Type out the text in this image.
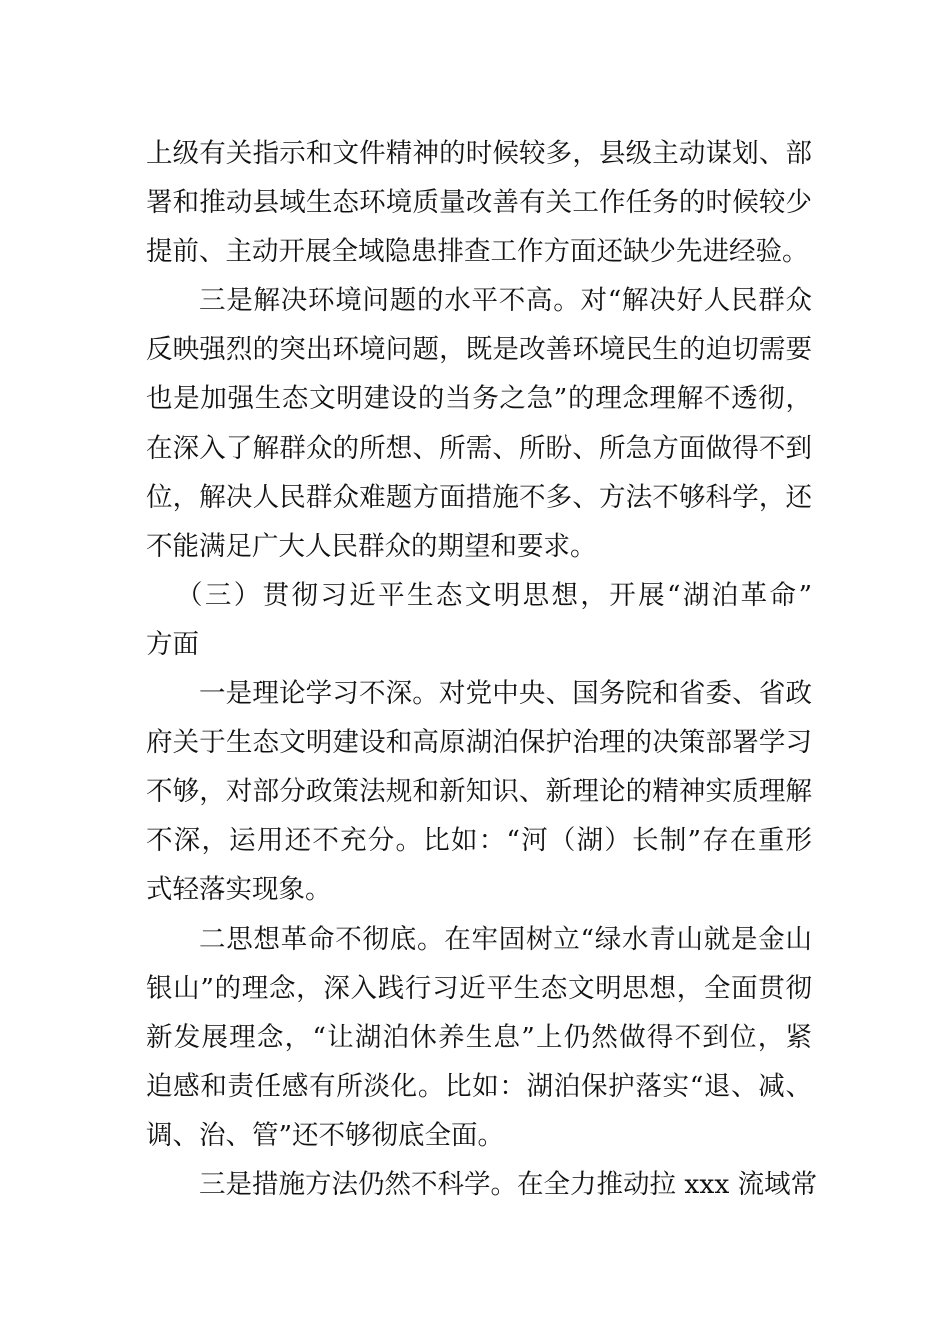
上级有关指示和文件精神的时候较多，县级主动谋划、部
署和推动县域生态环境质量改善有关工作任务的时候较少
提前、主动开展全域隐患排查工作方面还缺少先进经验。
三是解决环境问题的水平不高。对“解决好人民群众
反映强烈的突出环境问题，既是改善环境民生的迫切需要
也是加强生态文明建设的当务之急”的理念理解不透彻，
在深入了解群众的所想、所需、所盼、所急方面做得不到
位，解决人民群众难题方面措施不多、方法不够科学，还
不能满足广大人民群众的期望和要求。
（三）贯彻习近平生态文明思想，开展“湖泊革命”
方面
一是理论学习不深。对党中央、国务院和省委、省政
府关于生态文明建设和高原湖泊保护治理的决策部署学习
不够，对部分政策法规和新知识、新理论的精神实质理解
不深，运用还不充分。比如：“河（湖）长制”存在重形
式轻落实现象。
二思想革命不彻底。在牢固树立“绿水青山就是金山
银山”的理念，深入践行习近平生态文明思想，全面贯彻
新发展理念，“让湖泊休养生息”上仍然做得不到位，紧
迫感和责任感有所淡化。比如：湖泊保护落实“退、减、
调、治、管”还不够彻底全面。
三是措施方法仍然不科学。在全力推动拉 xxx 流域常
